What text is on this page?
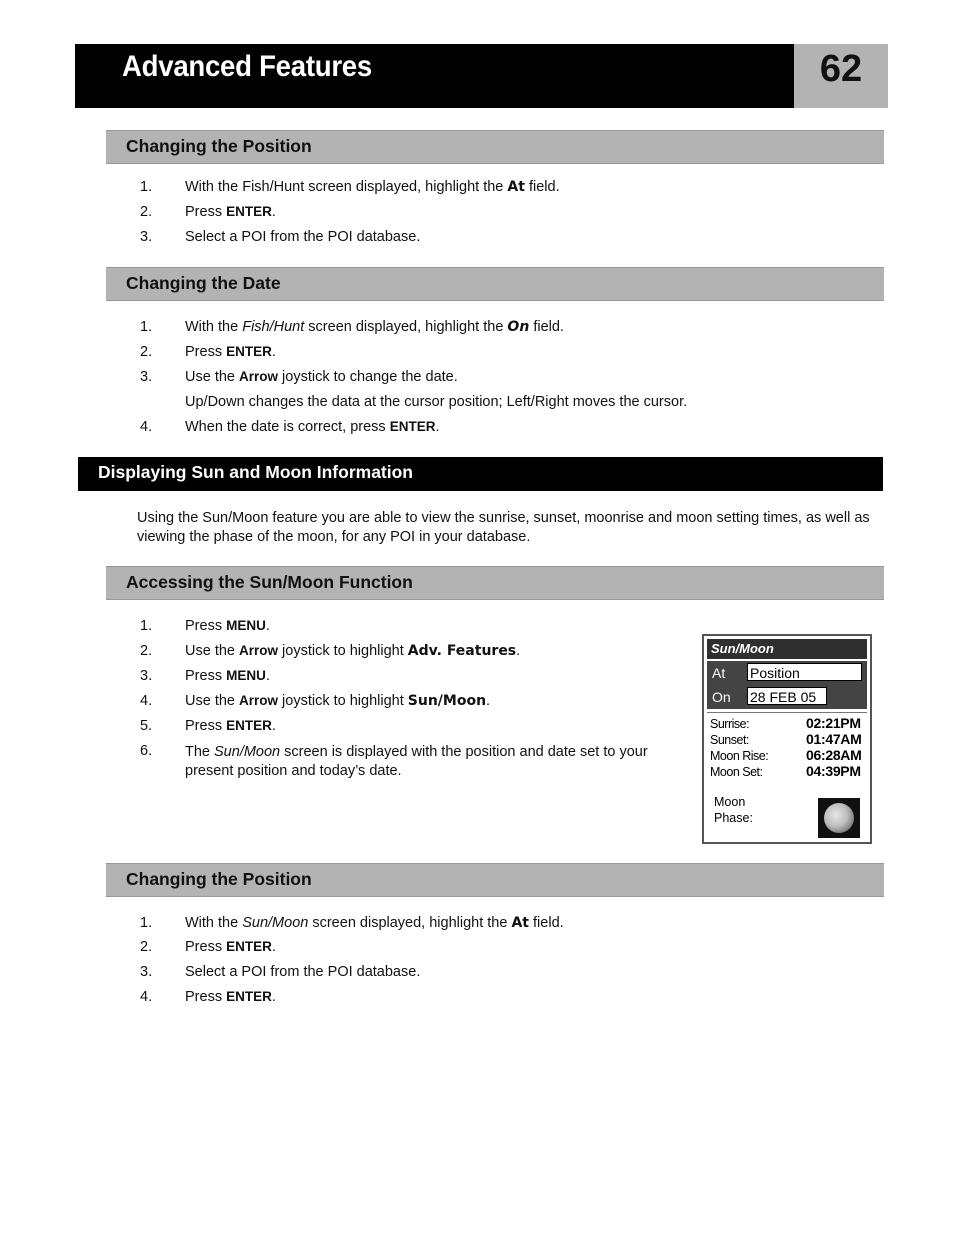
Advanced Features	62
Changing the Position
1.	With the Fish/Hunt screen displayed, highlight the At field.
2.	Press ENTER.
3.	Select a POI from the POI database.
Changing the Date
1.	With the Fish/Hunt screen displayed, highlight the On field.
2.	Press ENTER.
3.	Use the Arrow joystick to change the date.
Up/Down changes the data at the cursor position; Left/Right moves the cursor.
4.	When the date is correct, press ENTER.
Displaying Sun and Moon Information
Using the Sun/Moon feature you are able to view the sunrise, sunset, moonrise and moon setting times, as well as viewing the phase of the moon, for any POI in your database.
Accessing the Sun/Moon Function
1.	Press MENU.
2.	Use the Arrow joystick to highlight Adv. Features.
3.	Press MENU.
4.	Use the Arrow joystick to highlight Sun/Moon.
5.	Press ENTER.
6.	The Sun/Moon screen is displayed with the position and date set to your present position and today’s date.
Sun/Moon
At Position
On 28 FEB 05
Surrise:	02:21PM
Sunset:	01:47AM
Moon Rise:	06:28AM
Moon Set:	04:39PM
Moon
Phase:
Changing the Position
1.	With the Sun/Moon screen displayed, highlight the At field.
2.	Press ENTER.
3.	Select a POI from the POI database.
4.	Press ENTER.
